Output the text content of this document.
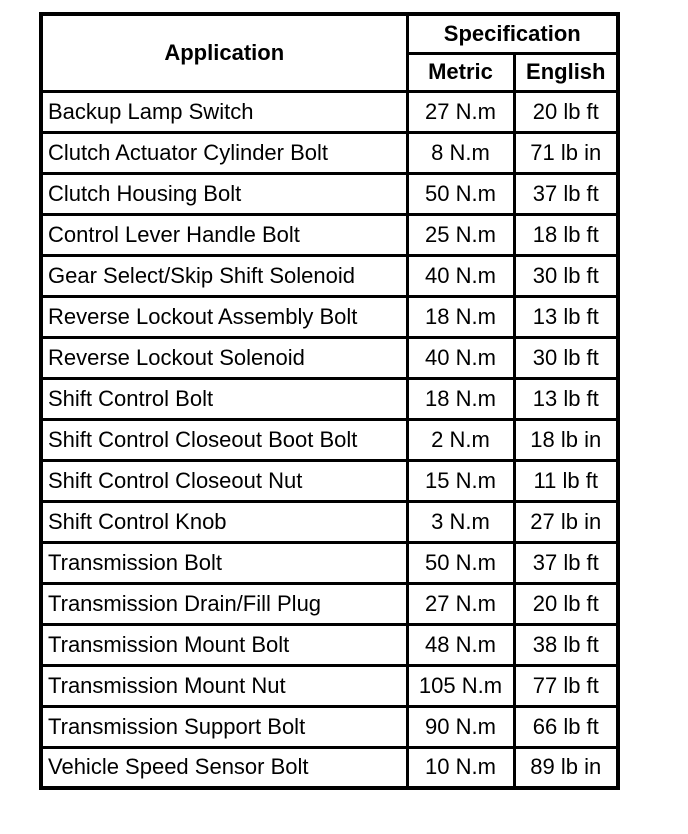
Application	Specification	
	Metric	English
Backup Lamp Switch	27 N.m	20 lb ft
Clutch Actuator Cylinder Bolt	8 N.m	71 lb in
Clutch Housing Bolt	50 N.m	37 lb ft
Control Lever Handle Bolt	25 N.m	18 lb ft
Gear Select/Skip Shift Solenoid	40 N.m	30 lb ft
Reverse Lockout Assembly Bolt	18 N.m	13 lb ft
Reverse Lockout Solenoid	40 N.m	30 lb ft
Shift Control Bolt	18 N.m	13 lb ft
Shift Control Closeout Boot Bolt	2 N.m	18 lb in
Shift Control Closeout Nut	15 N.m	11 lb ft
Shift Control Knob	3 N.m	27 lb in
Transmission Bolt	50 N.m	37 lb ft
Transmission Drain/Fill Plug	27 N.m	20 lb ft
Transmission Mount Bolt	48 N.m	38 lb ft
Transmission Mount Nut	105 N.m	77 lb ft
Transmission Support Bolt	90 N.m	66 lb ft
Vehicle Speed Sensor Bolt	10 N.m	89 lb in
